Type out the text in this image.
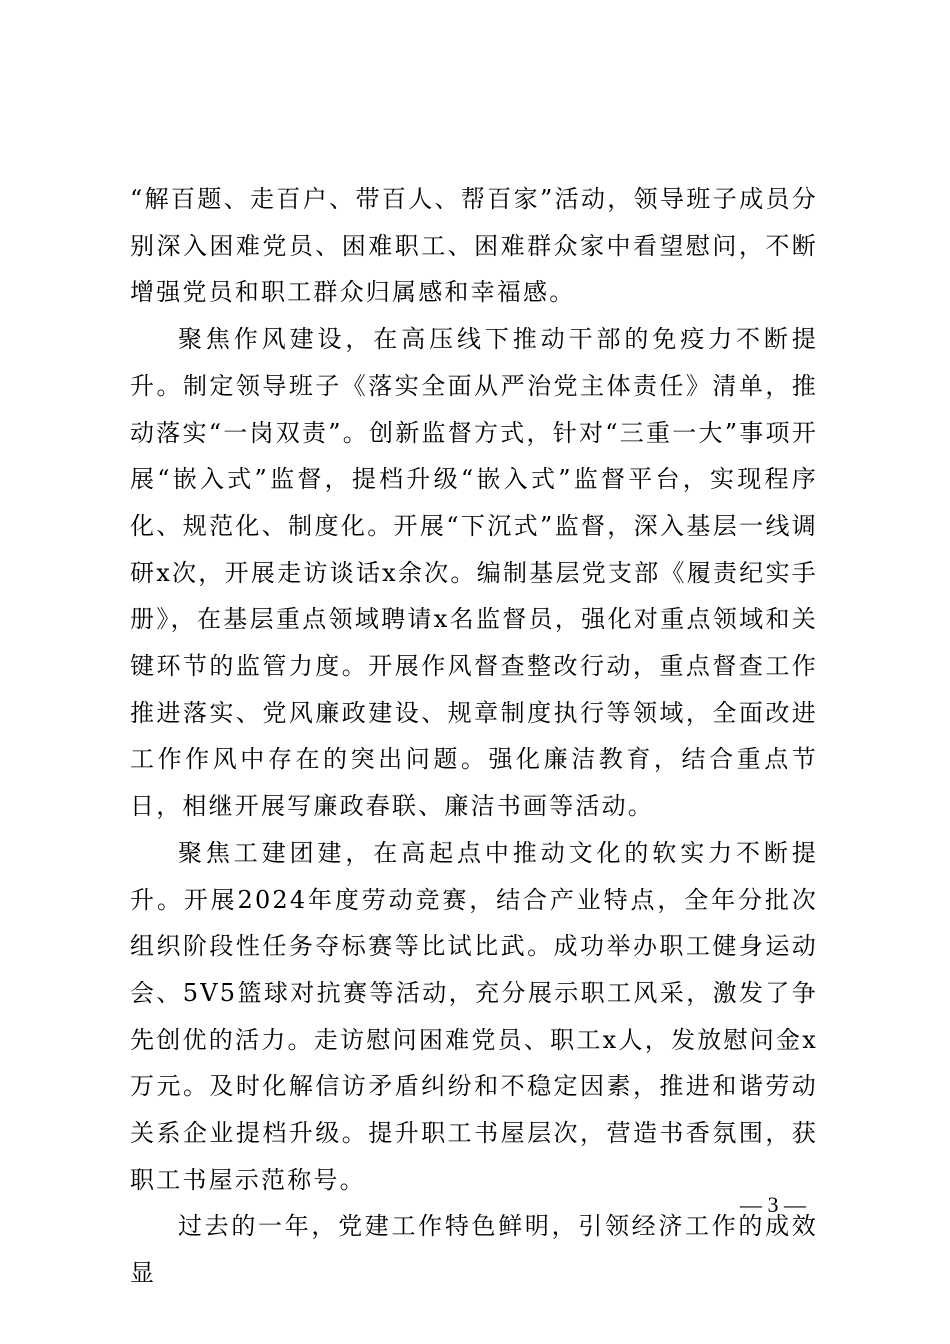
“解百题、走百户、带百人、帮百家”活动，领导班子成员分别深入困难党员、困难职工、困难群众家中看望慰问，不断增强党员和职工群众归属感和幸福感。

聚焦作风建设，在高压线下推动干部的免疫力不断提升。制定领导班子《落实全面从严治党主体责任》清单，推动落实“一岗双责”。创新监督方式，针对“三重一大”事项开展“嵌入式”监督，提档升级“嵌入式”监督平台，实现程序化、规范化、制度化。开展“下沉式”监督，深入基层一线调研x次，开展走访谈话x余次。编制基层党支部《履责纪实手册》，在基层重点领域聘请x名监督员，强化对重点领域和关键环节的监管力度。开展作风督查整改行动，重点督查工作推进落实、党风廉政建设、规章制度执行等领域，全面改进工作作风中存在的突出问题。强化廉洁教育，结合重点节日，相继开展写廉政春联、廉洁书画等活动。

聚焦工建团建，在高起点中推动文化的软实力不断提升。开展2024年度劳动竞赛，结合产业特点，全年分批次组织阶段性任务夺标赛等比试比武。成功举办职工健身运动会、5V5篮球对抗赛等活动，充分展示职工风采，激发了争先创优的活力。走访慰问困难党员、职工x人，发放慰问金x万元。及时化解信访矛盾纠纷和不稳定因素，推进和谐劳动关系企业提档升级。提升职工书屋层次，营造书香氛围，获职工书屋示范称号。

过去的一年，党建工作特色鲜明，引领经济工作的成效显

— 3 —
